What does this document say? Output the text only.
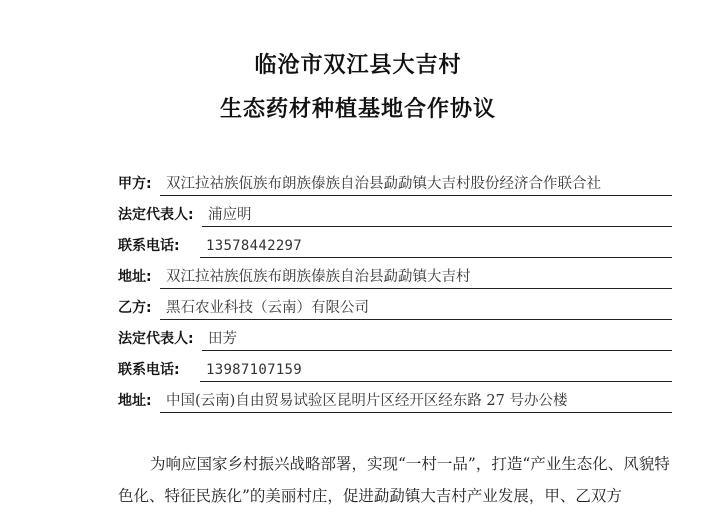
临沧市双江县大吉村
生态药材种植基地合作协议
甲方: 双江拉祜族佤族布朗族傣族自治县勐勐镇大吉村股份经济合作联合社
法定代表人: 浦应明
联系电话:	13578442297
地址: 双江拉祜族佤族布朗族傣族自治县勐勐镇大吉村
乙方: 黑石农业科技（云南）有限公司
法定代表人: 田芳
联系电话:	13987107159
地址: 中国(云南)自由贸易试验区昆明片区经开区经东路 27 号办公楼
为响应国家乡村振兴战略部署，实现“一村一品”，打造“产业生态化、风貌特色化、特征民族化”的美丽村庄，促进勐勐镇大吉村产业发展，甲、乙双方
